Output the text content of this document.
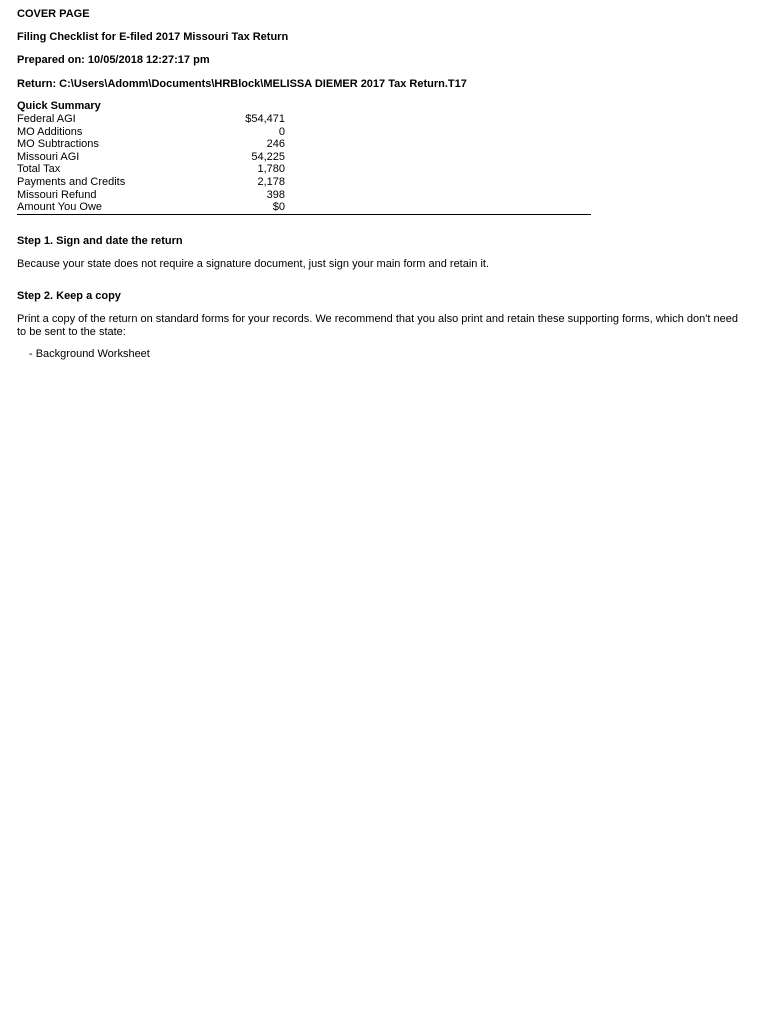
COVER PAGE
Filing Checklist for E-filed 2017 Missouri Tax Return
Prepared on: 10/05/2018 12:27:17 pm
Return: C:\Users\Adomm\Documents\HRBlock\MELISSA DIEMER 2017 Tax Return.T17
Quick Summary
Federal AGI	$54,471	
MO Additions	0	
MO Subtractions	246	
Missouri AGI	54,225	
Total Tax	1,780	
Payments and Credits	2,178	
Missouri Refund	398	
Amount You Owe	$0	
Step 1. Sign and date the return
Because your state does not require a signature document, just sign your main form and retain it.
Step 2. Keep a copy
Print a copy of the return on standard forms for your records. We recommend that you also print and retain these supporting forms, which don't need to be sent to the state:
- Background Worksheet
